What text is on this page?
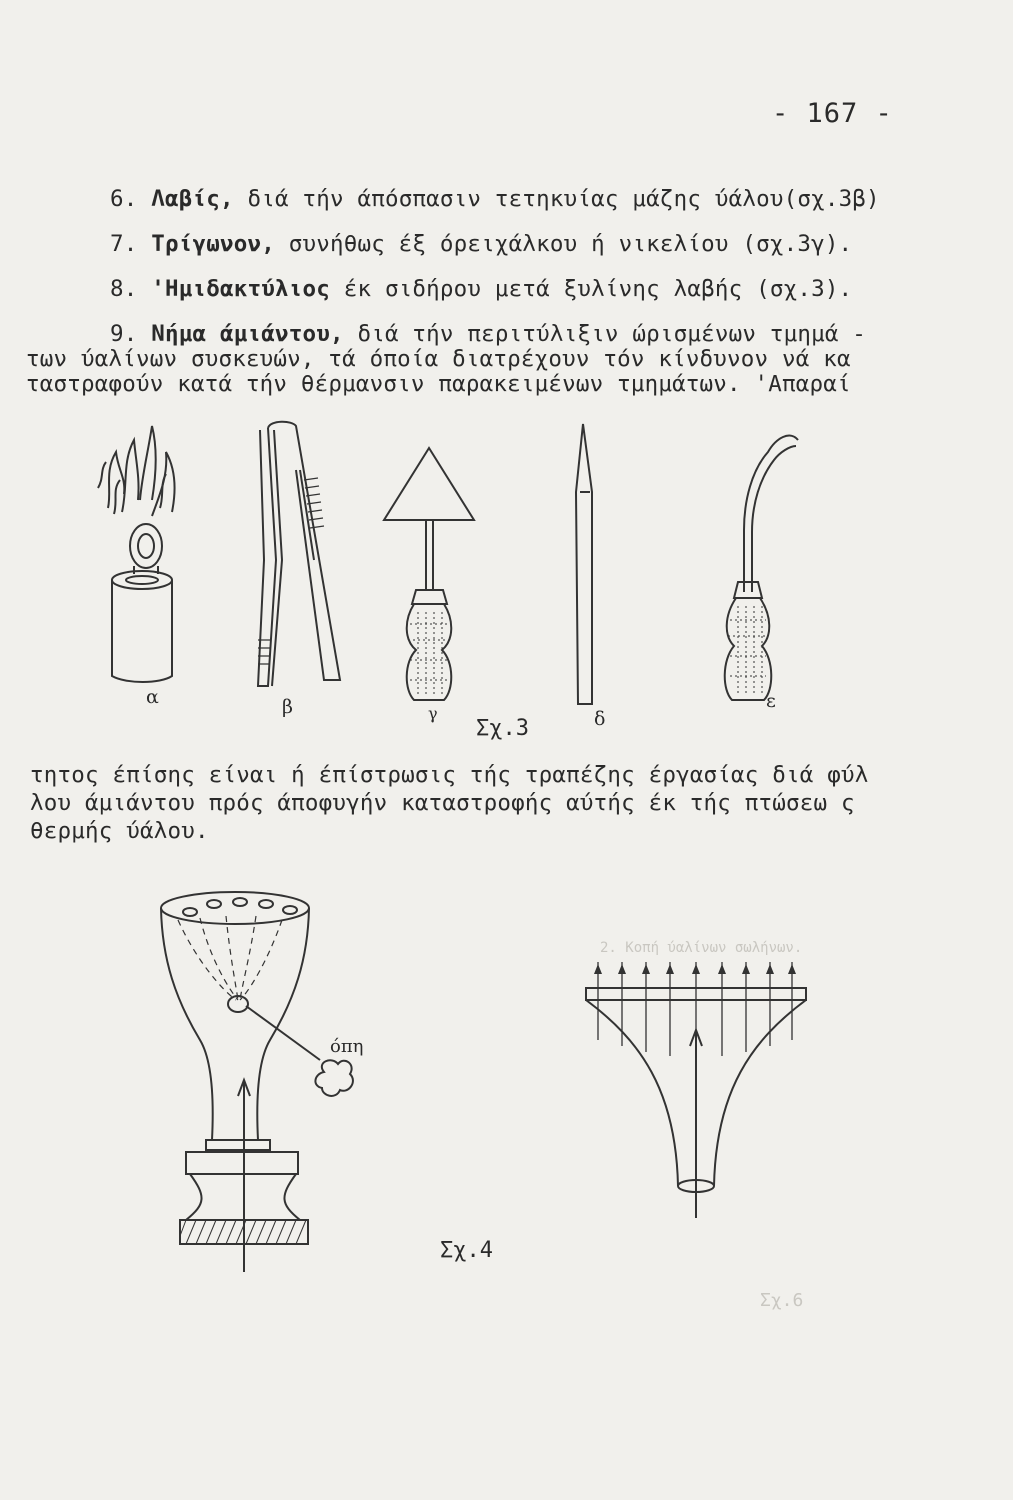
2. Κοπή ύαλίνων σωλήνων.
Σχ.6
- 167 -
6. Λαβίς, διά τήν άπόσπασιν τετηκυίας μάζης ύάλου(σχ.3β)
7. Τρίγωνον, συνήθως έξ όρειχάλκου ή νικελίου (σχ.3γ).
8. 'Ημιδακτύλιος έκ σιδήρου μετά ξυλίνης λαβής (σχ.3).
9. Νήμα άμιάντου, διά τήν περιτύλιξιν ώρισμένων τμημά -
των ύαλίνων συσκευών, τά όποία διατρέχουν τόν κίνδυνον νά κα
ταστραφούν κατά τήν θέρμανσιν παρακειμένων τμημάτων. 'Απαραί
α	β	γ	δ
ε
Σχ.3
τητος έπίσης είναι ή έπίστρωσις τής τραπέζης έργασίας διά φύλ
λου άμιάντου πρός άποφυγήν καταστροφής αύτής έκ τής πτώσεω ς
θερμής ύάλου.
όπη
Σχ.4
